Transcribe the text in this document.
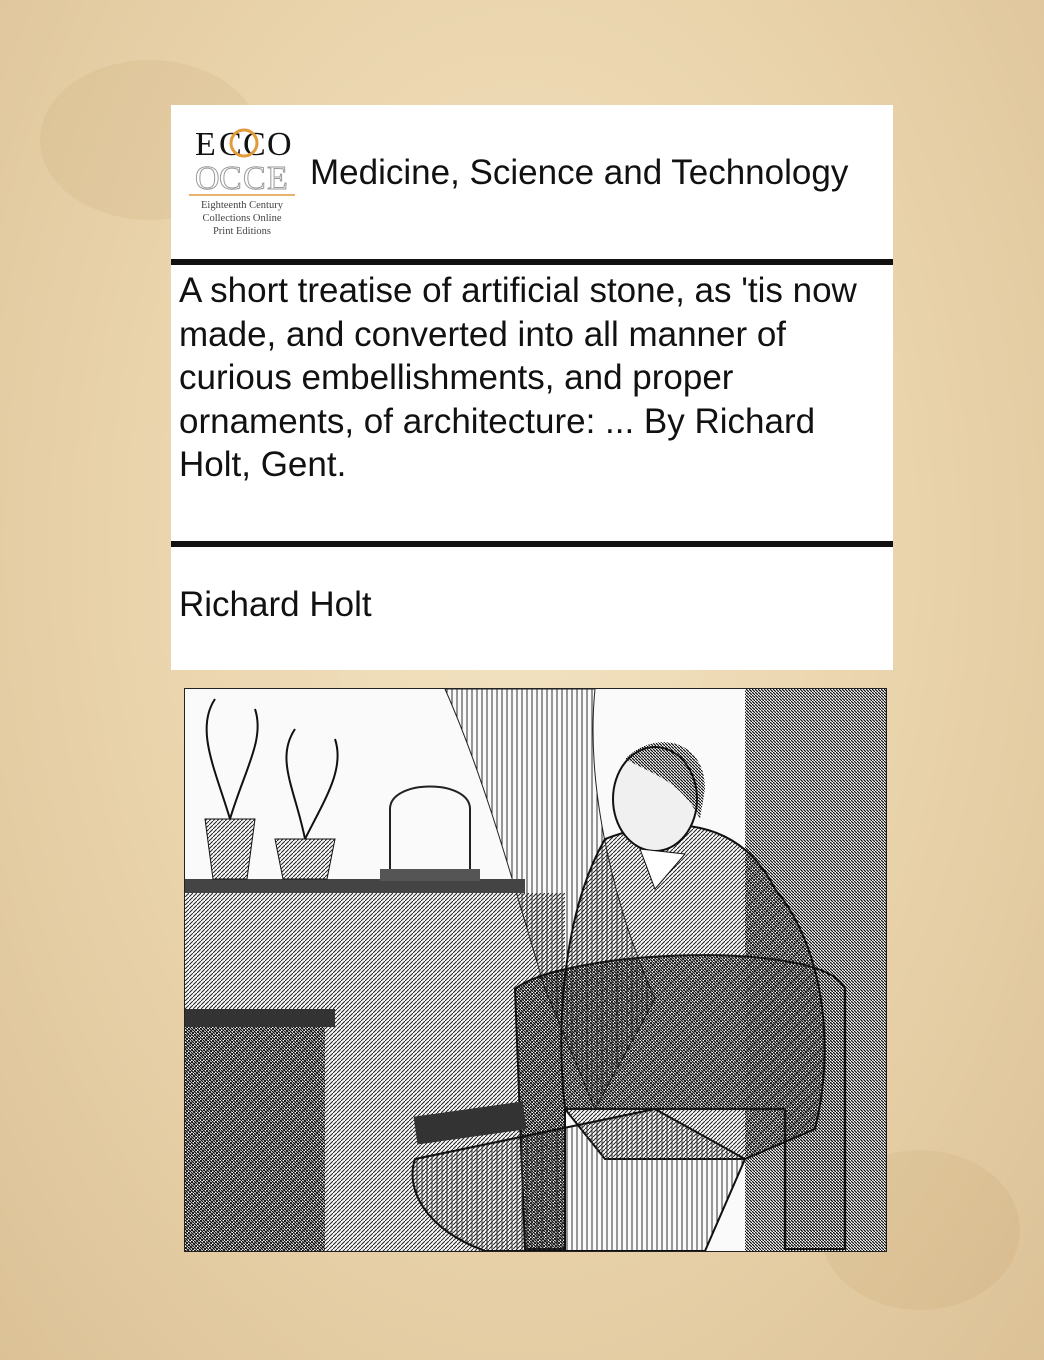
E C C O
O C C E
Eighteenth Century
Collections Online
Print Editions
Medicine, Science and Technology
A short treatise of artificial stone, as 'tis now made, and converted into all manner of curious embellishments, and proper ornaments, of architecture: ... By Richard Holt, Gent.
Richard Holt
